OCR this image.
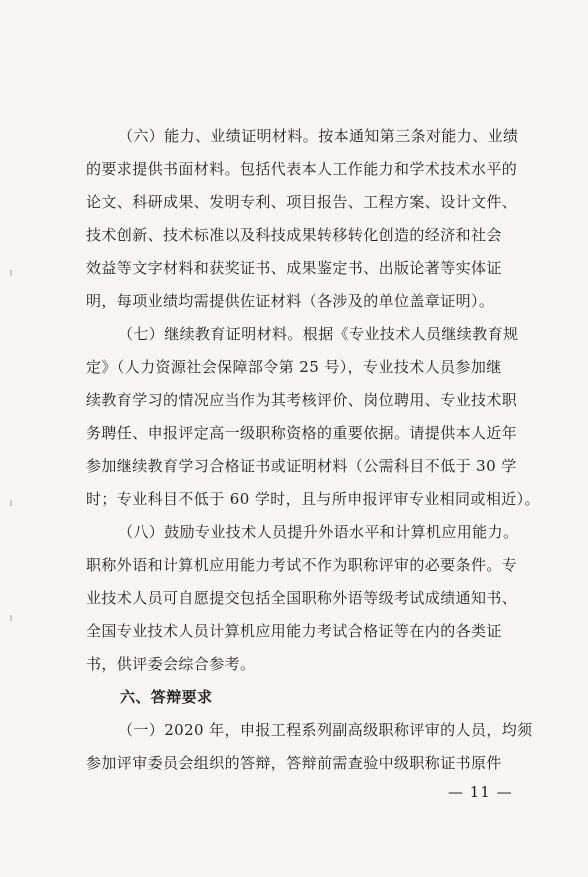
（六）能力、业绩证明材料。按本通知第三条对能力、业绩
的要求提供书面材料。包括代表本人工作能力和学术技术水平的
论文、科研成果、发明专利、项目报告、工程方案、设计文件、
技术创新、技术标准以及科技成果转移转化创造的经济和社会
效益等文字材料和获奖证书、成果鉴定书、出版论著等实体证
明，每项业绩均需提供佐证材料（各涉及的单位盖章证明）。
（七）继续教育证明材料。根据《专业技术人员继续教育规
定》（人力资源社会保障部令第 25 号），专业技术人员参加继
续教育学习的情况应当作为其考核评价、岗位聘用、专业技术职
务聘任、申报评定高一级职称资格的重要依据。请提供本人近年
参加继续教育学习合格证书或证明材料（公需科目不低于 30 学
时；专业科目不低于 60 学时，且与所申报评审专业相同或相近）。
（八）鼓励专业技术人员提升外语水平和计算机应用能力。
职称外语和计算机应用能力考试不作为职称评审的必要条件。专
业技术人员可自愿提交包括全国职称外语等级考试成绩通知书、
全国专业技术人员计算机应用能力考试合格证等在内的各类证
书，供评委会综合参考。
六、答辩要求
（一）2020 年，申报工程系列副高级职称评审的人员，均须
参加评审委员会组织的答辩，答辩前需查验中级职称证书原件
— 11 —
